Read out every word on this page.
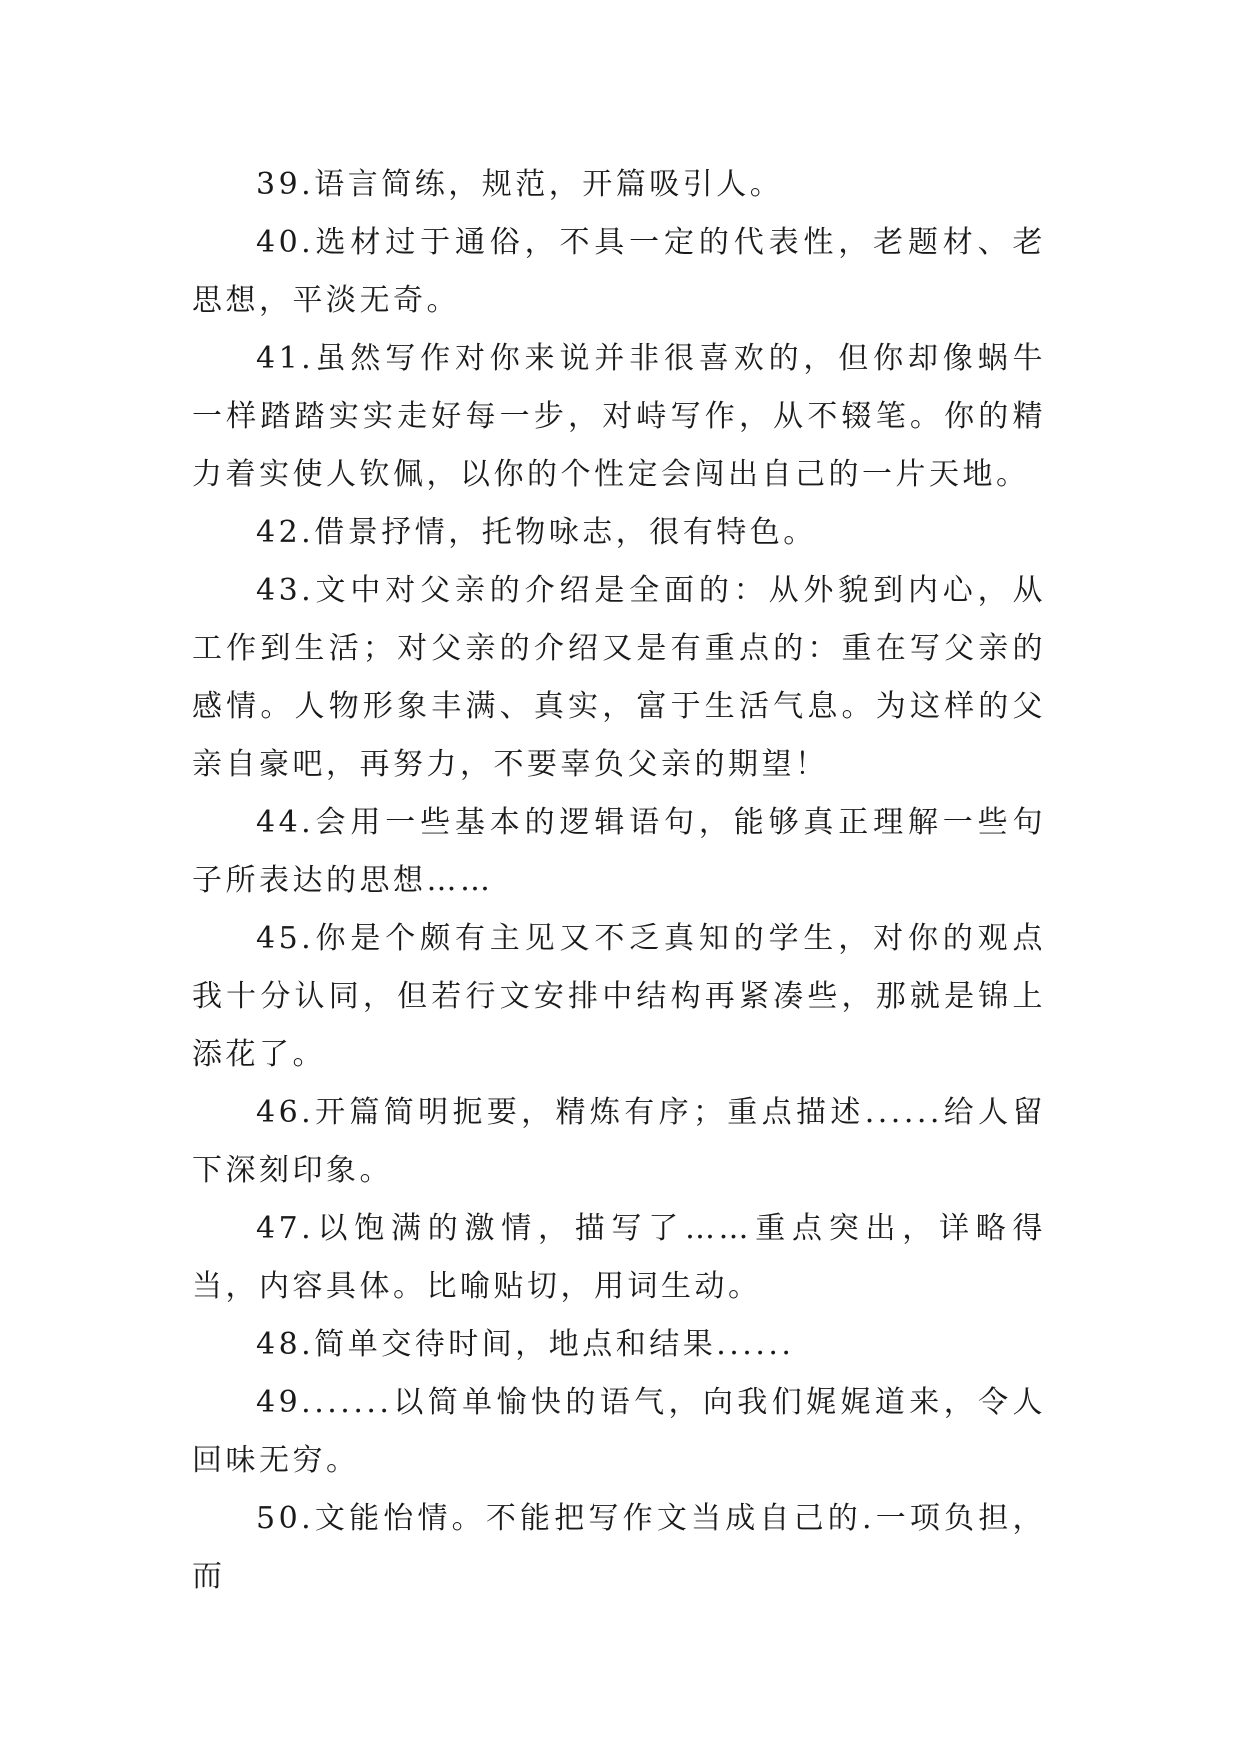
39.语言简练，规范，开篇吸引人。

40.选材过于通俗，不具一定的代表性，老题材、老思想，平淡无奇。

41.虽然写作对你来说并非很喜欢的，但你却像蜗牛一样踏踏实实走好每一步，对峙写作，从不辍笔。你的精力着实使人钦佩，以你的个性定会闯出自己的一片天地。

42.借景抒情，托物咏志，很有特色。

43.文中对父亲的介绍是全面的：从外貌到内心，从工作到生活；对父亲的介绍又是有重点的：重在写父亲的感情。人物形象丰满、真实，富于生活气息。为这样的父亲自豪吧，再努力，不要辜负父亲的期望！

44.会用一些基本的逻辑语句，能够真正理解一些句子所表达的思想……

45.你是个颇有主见又不乏真知的学生，对你的观点我十分认同，但若行文安排中结构再紧凑些，那就是锦上添花了。

46.开篇简明扼要，精炼有序；重点描述......给人留下深刻印象。

47.以饱满的激情，描写了……重点突出，详略得当，内容具体。比喻贴切，用词生动。

48.简单交待时间，地点和结果......

49.......以简单愉快的语气，向我们娓娓道来，令人回味无穷。

50.文能怡情。不能把写作文当成自己的.一项负担，而
